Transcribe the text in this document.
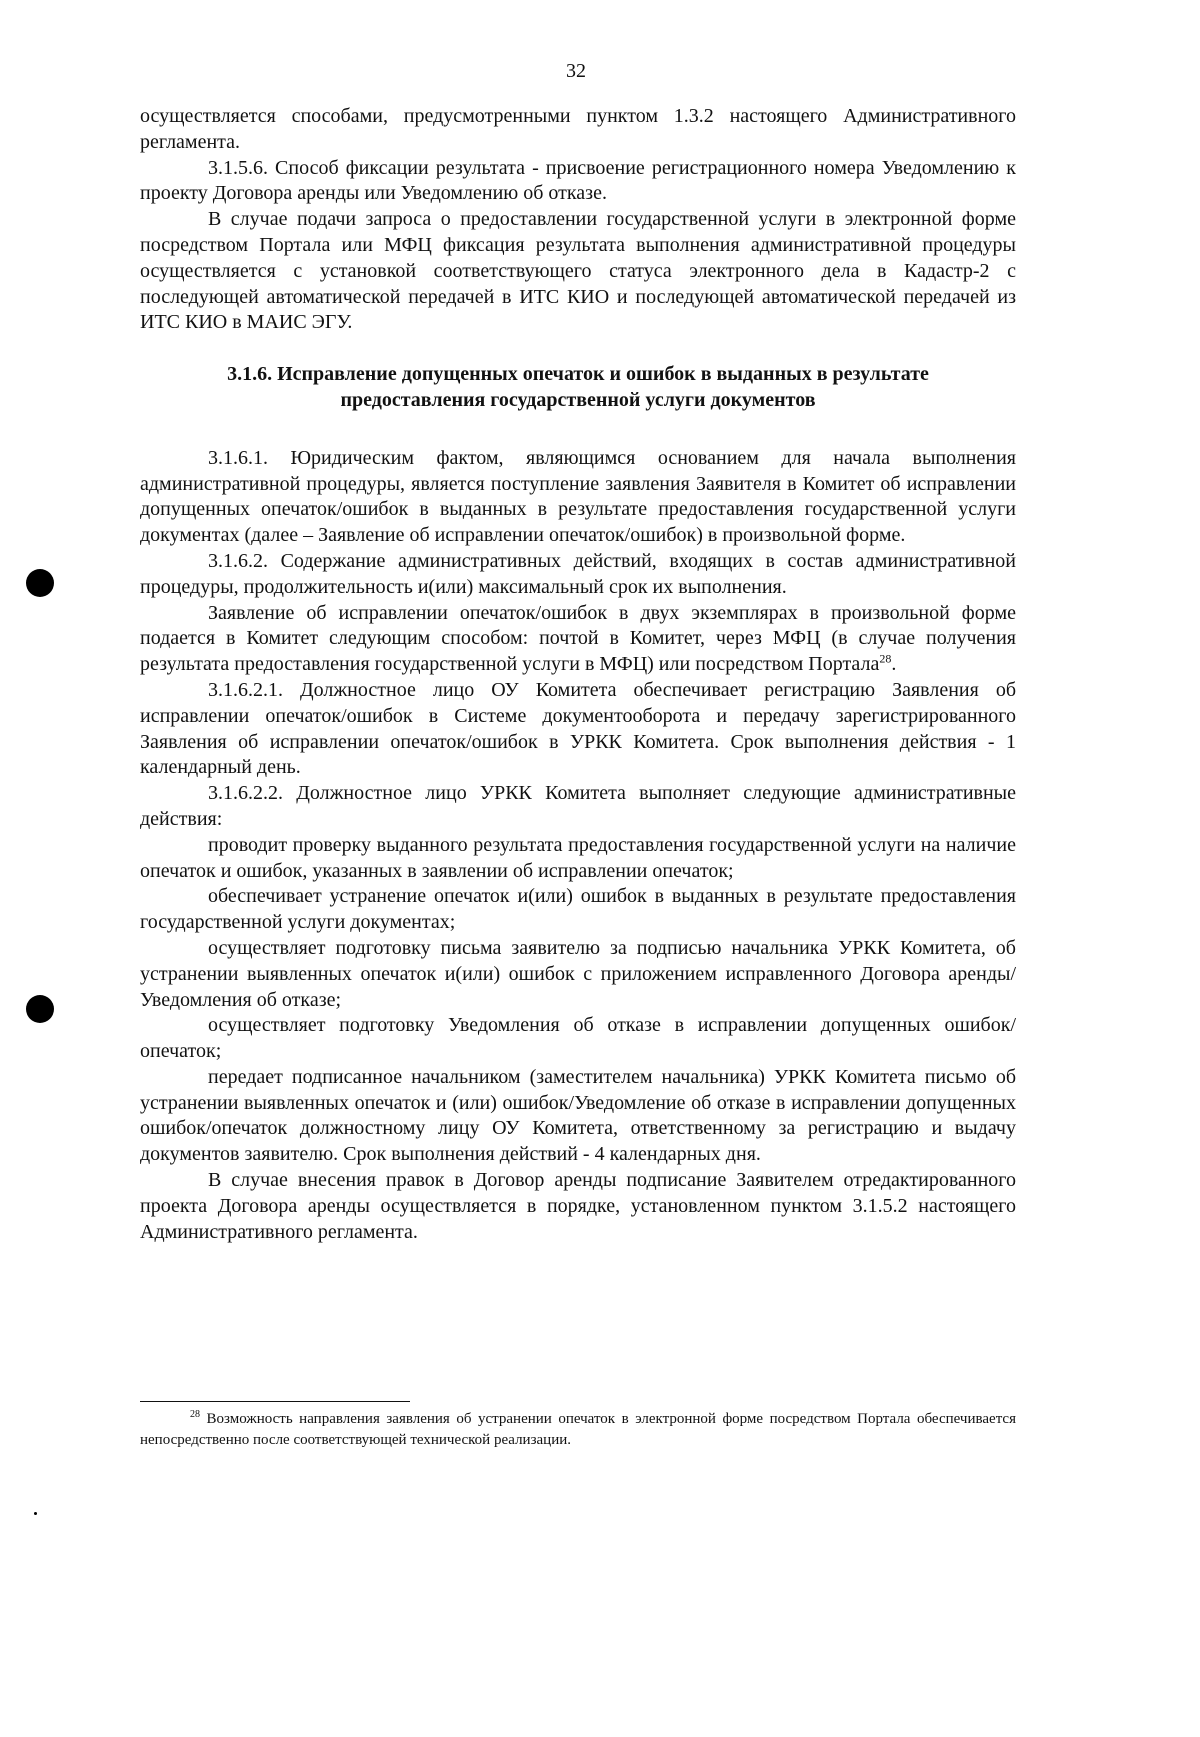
32

осуществляется способами, предусмотренными пунктом 1.3.2 настоящего Административного регламента.

3.1.5.6. Способ фиксации результата - присвоение регистрационного номера Уведомлению к проекту Договора аренды или Уведомлению об отказе.

В случае подачи запроса о предоставлении государственной услуги в электронной форме посредством Портала или МФЦ фиксация результата выполнения административной процедуры осуществляется с установкой соответствующего статуса электронного дела в Кадастр-2 с последующей автоматической передачей в ИТС КИО и последующей автоматической передачей из ИТС КИО в МАИС ЭГУ.

3.1.6. Исправление допущенных опечаток и ошибок в выданных в результате
предоставления государственной услуги документов

3.1.6.1. Юридическим фактом, являющимся основанием для начала выполнения административной процедуры, является поступление заявления Заявителя в Комитет об исправлении допущенных опечаток/ошибок в выданных в результате предоставления государственной услуги документах (далее – Заявление об исправлении опечаток/ошибок) в произвольной форме.

3.1.6.2. Содержание административных действий, входящих в состав административной процедуры, продолжительность и(или) максимальный срок их выполнения.

Заявление об исправлении опечаток/ошибок в двух экземплярах в произвольной форме подается в Комитет следующим способом: почтой в Комитет, через МФЦ (в случае получения результата предоставления государственной услуги в МФЦ) или посредством Портала$^{28}$.

3.1.6.2.1. Должностное лицо ОУ Комитета обеспечивает регистрацию Заявления об исправлении опечаток/ошибок в Системе документооборота и передачу зарегистрированного Заявления об исправлении опечаток/ошибок в УРКК Комитета. Срок выполнения действия - 1 календарный день.

3.1.6.2.2. Должностное лицо УРКК Комитета выполняет следующие административные действия:

проводит проверку выданного результата предоставления государственной услуги на наличие опечаток и ошибок, указанных в заявлении об исправлении опечаток;

обеспечивает устранение опечаток и(или) ошибок в выданных в результате предоставления государственной услуги документах;

осуществляет подготовку письма заявителю за подписью начальника УРКК Комитета, об устранении выявленных опечаток и(или) ошибок с приложением исправленного Договора аренды/Уведомления об отказе;

осуществляет подготовку Уведомления об отказе в исправлении допущенных ошибок/опечаток;

передает подписанное начальником (заместителем начальника) УРКК Комитета письмо об устранении выявленных опечаток и (или) ошибок/Уведомление об отказе в исправлении допущенных ошибок/опечаток должностному лицу ОУ Комитета, ответственному за регистрацию и выдачу документов заявителю. Срок выполнения действий - 4 календарных дня.

В случае внесения правок в Договор аренды подписание Заявителем отредактированного проекта Договора аренды осуществляется в порядке, установленном пунктом 3.1.5.2 настоящего Административного регламента.

$^{28}$ Возможность направления заявления об устранении опечаток в электронной форме посредством Портала обеспечивается непосредственно после соответствующей технической реализации.
